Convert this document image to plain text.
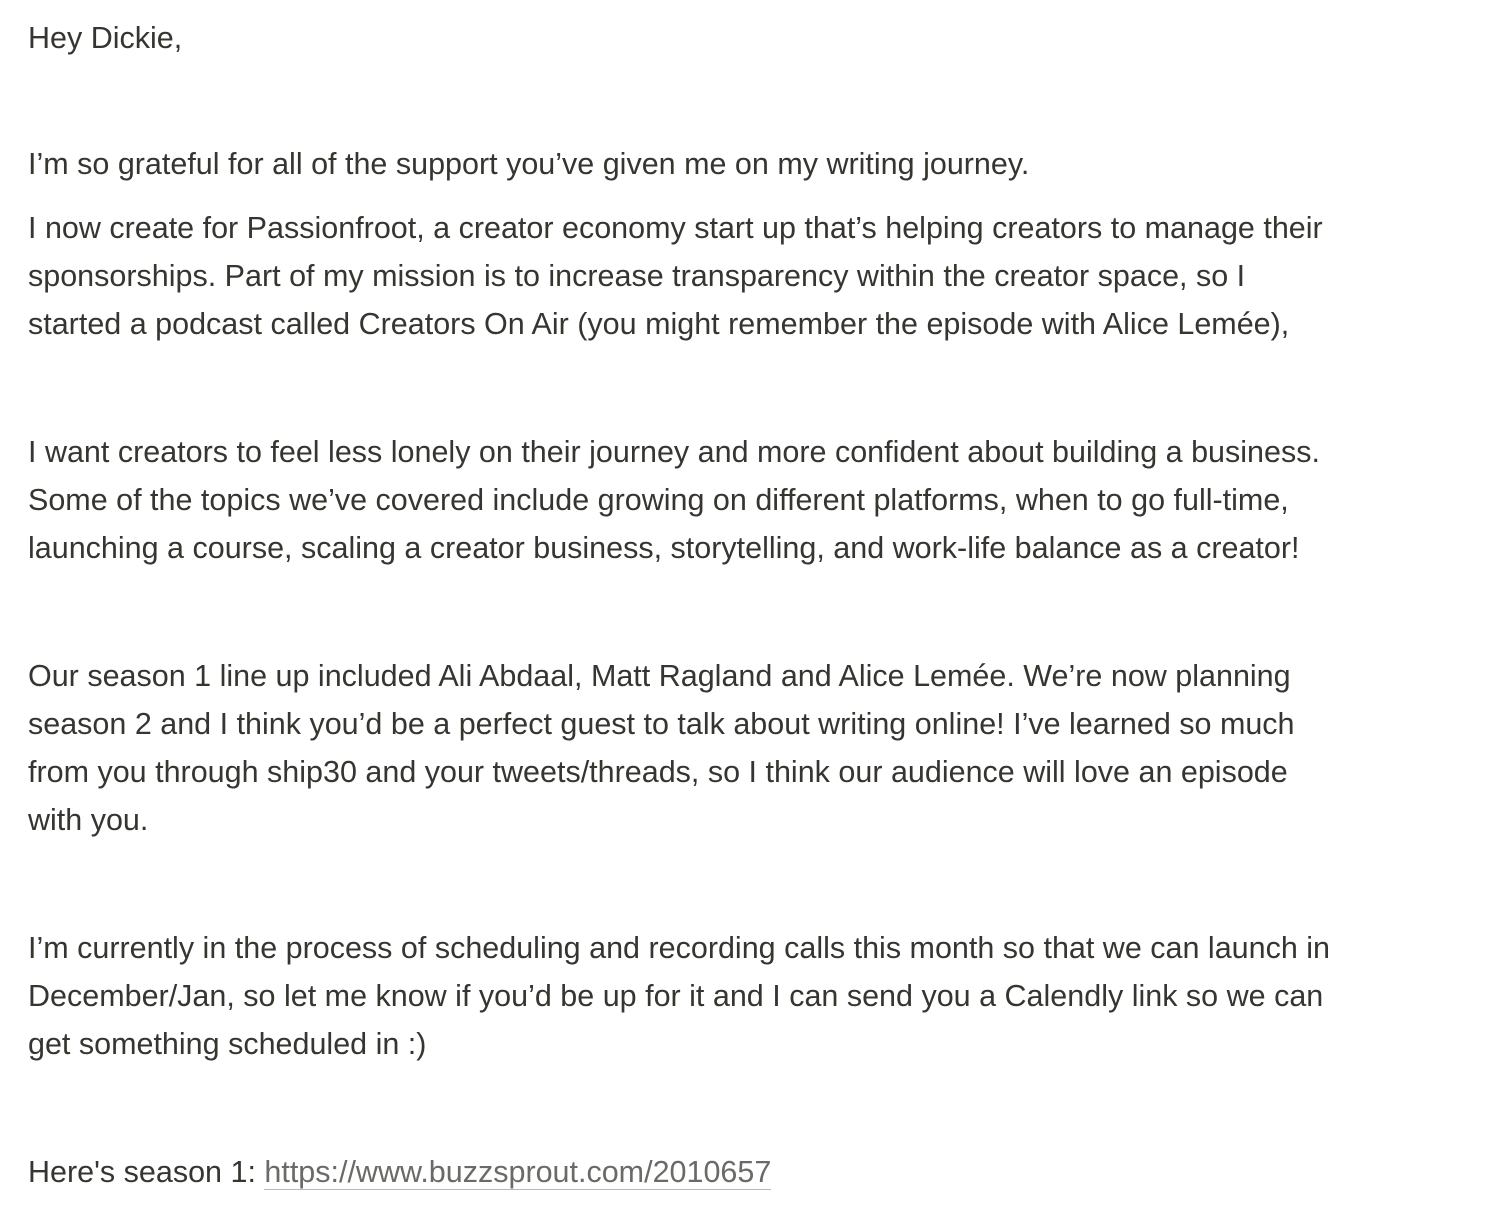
Hey Dickie,

I’m so grateful for all of the support you’ve given me on my writing journey.

I now create for Passionfroot, a creator economy start up that’s helping creators to manage their
sponsorships. Part of my mission is to increase transparency within the creator space, so I
started a podcast called Creators On Air (you might remember the episode with Alice Lemée),

I want creators to feel less lonely on their journey and more confident about building a business.
Some of the topics we’ve covered include growing on different platforms, when to go full-time,
launching a course, scaling a creator business, storytelling, and work-life balance as a creator!

Our season 1 line up included Ali Abdaal, Matt Ragland and Alice Lemée. We’re now planning
season 2 and I think you’d be a perfect guest to talk about writing online! I’ve learned so much
from you through ship30 and your tweets/threads, so I think our audience will love an episode
with you.

I’m currently in the process of scheduling and recording calls this month so that we can launch in
December/Jan, so let me know if you’d be up for it and I can send you a Calendly link so we can
get something scheduled in :)

Here's season 1: https://www.buzzsprout.com/2010657
